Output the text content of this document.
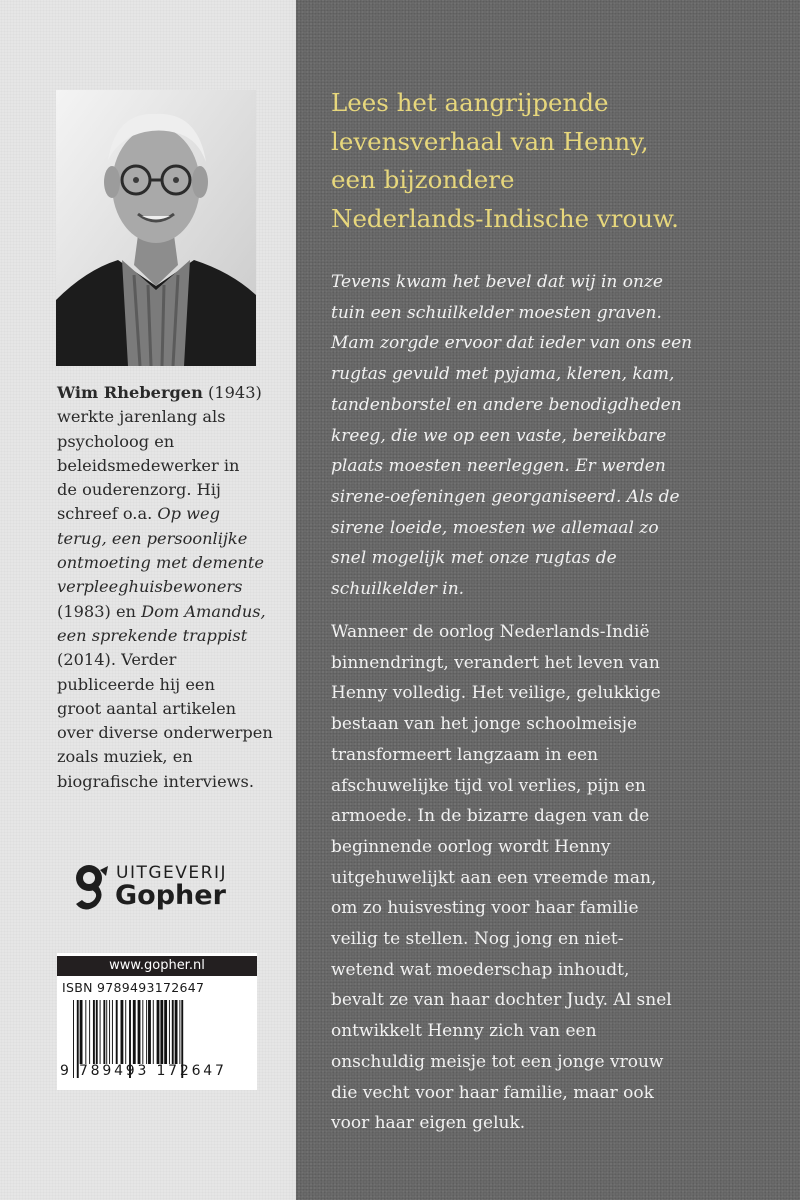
Wim Rhebergen (1943)
werkte jarenlang als
psycholoog en
beleidsmedewerker in
de ouderenzorg. Hij
schreef o.a. Op weg
terug, een persoonlijke
ontmoeting met demente
verpleeghuisbewoners
(1983) en Dom Amandus,
een sprekende trappist
(2014). Verder
publiceerde hij een
groot aantal artikelen
over diverse onderwerpen
zoals muziek, en
biografische interviews.

UITGEVERIJ
Gopher
www.gopher.nl
ISBN 9789493172647
9 789493 172647
Lees het aangrijpende
levensverhaal van Henny,
een bijzondere
Nederlands-Indische vrouw.
Tevens kwam het bevel dat wij in onze
tuin een schuilkelder moesten graven.
Mam zorgde ervoor dat ieder van ons een
rugtas gevuld met pyjama, kleren, kam,
tandenborstel en andere benodigdheden
kreeg, die we op een vaste, bereikbare
plaats moesten neerleggen. Er werden
sirene-oefeningen georganiseerd. Als de
sirene loeide, moesten we allemaal zo
snel mogelijk met onze rugtas de
schuilkelder in.
Wanneer de oorlog Nederlands-Indië
binnendringt, verandert het leven van
Henny volledig. Het veilige, gelukkige
bestaan van het jonge schoolmeisje
transformeert langzaam in een
afschuwelijke tijd vol verlies, pijn en
armoede. In de bizarre dagen van de
beginnende oorlog wordt Henny
uitgehuwelijkt aan een vreemde man,
om zo huisvesting voor haar familie
veilig te stellen. Nog jong en niet-
wetend wat moederschap inhoudt,
bevalt ze van haar dochter Judy. Al snel
ontwikkelt Henny zich van een
onschuldig meisje tot een jonge vrouw
die vecht voor haar familie, maar ook
voor haar eigen geluk.
